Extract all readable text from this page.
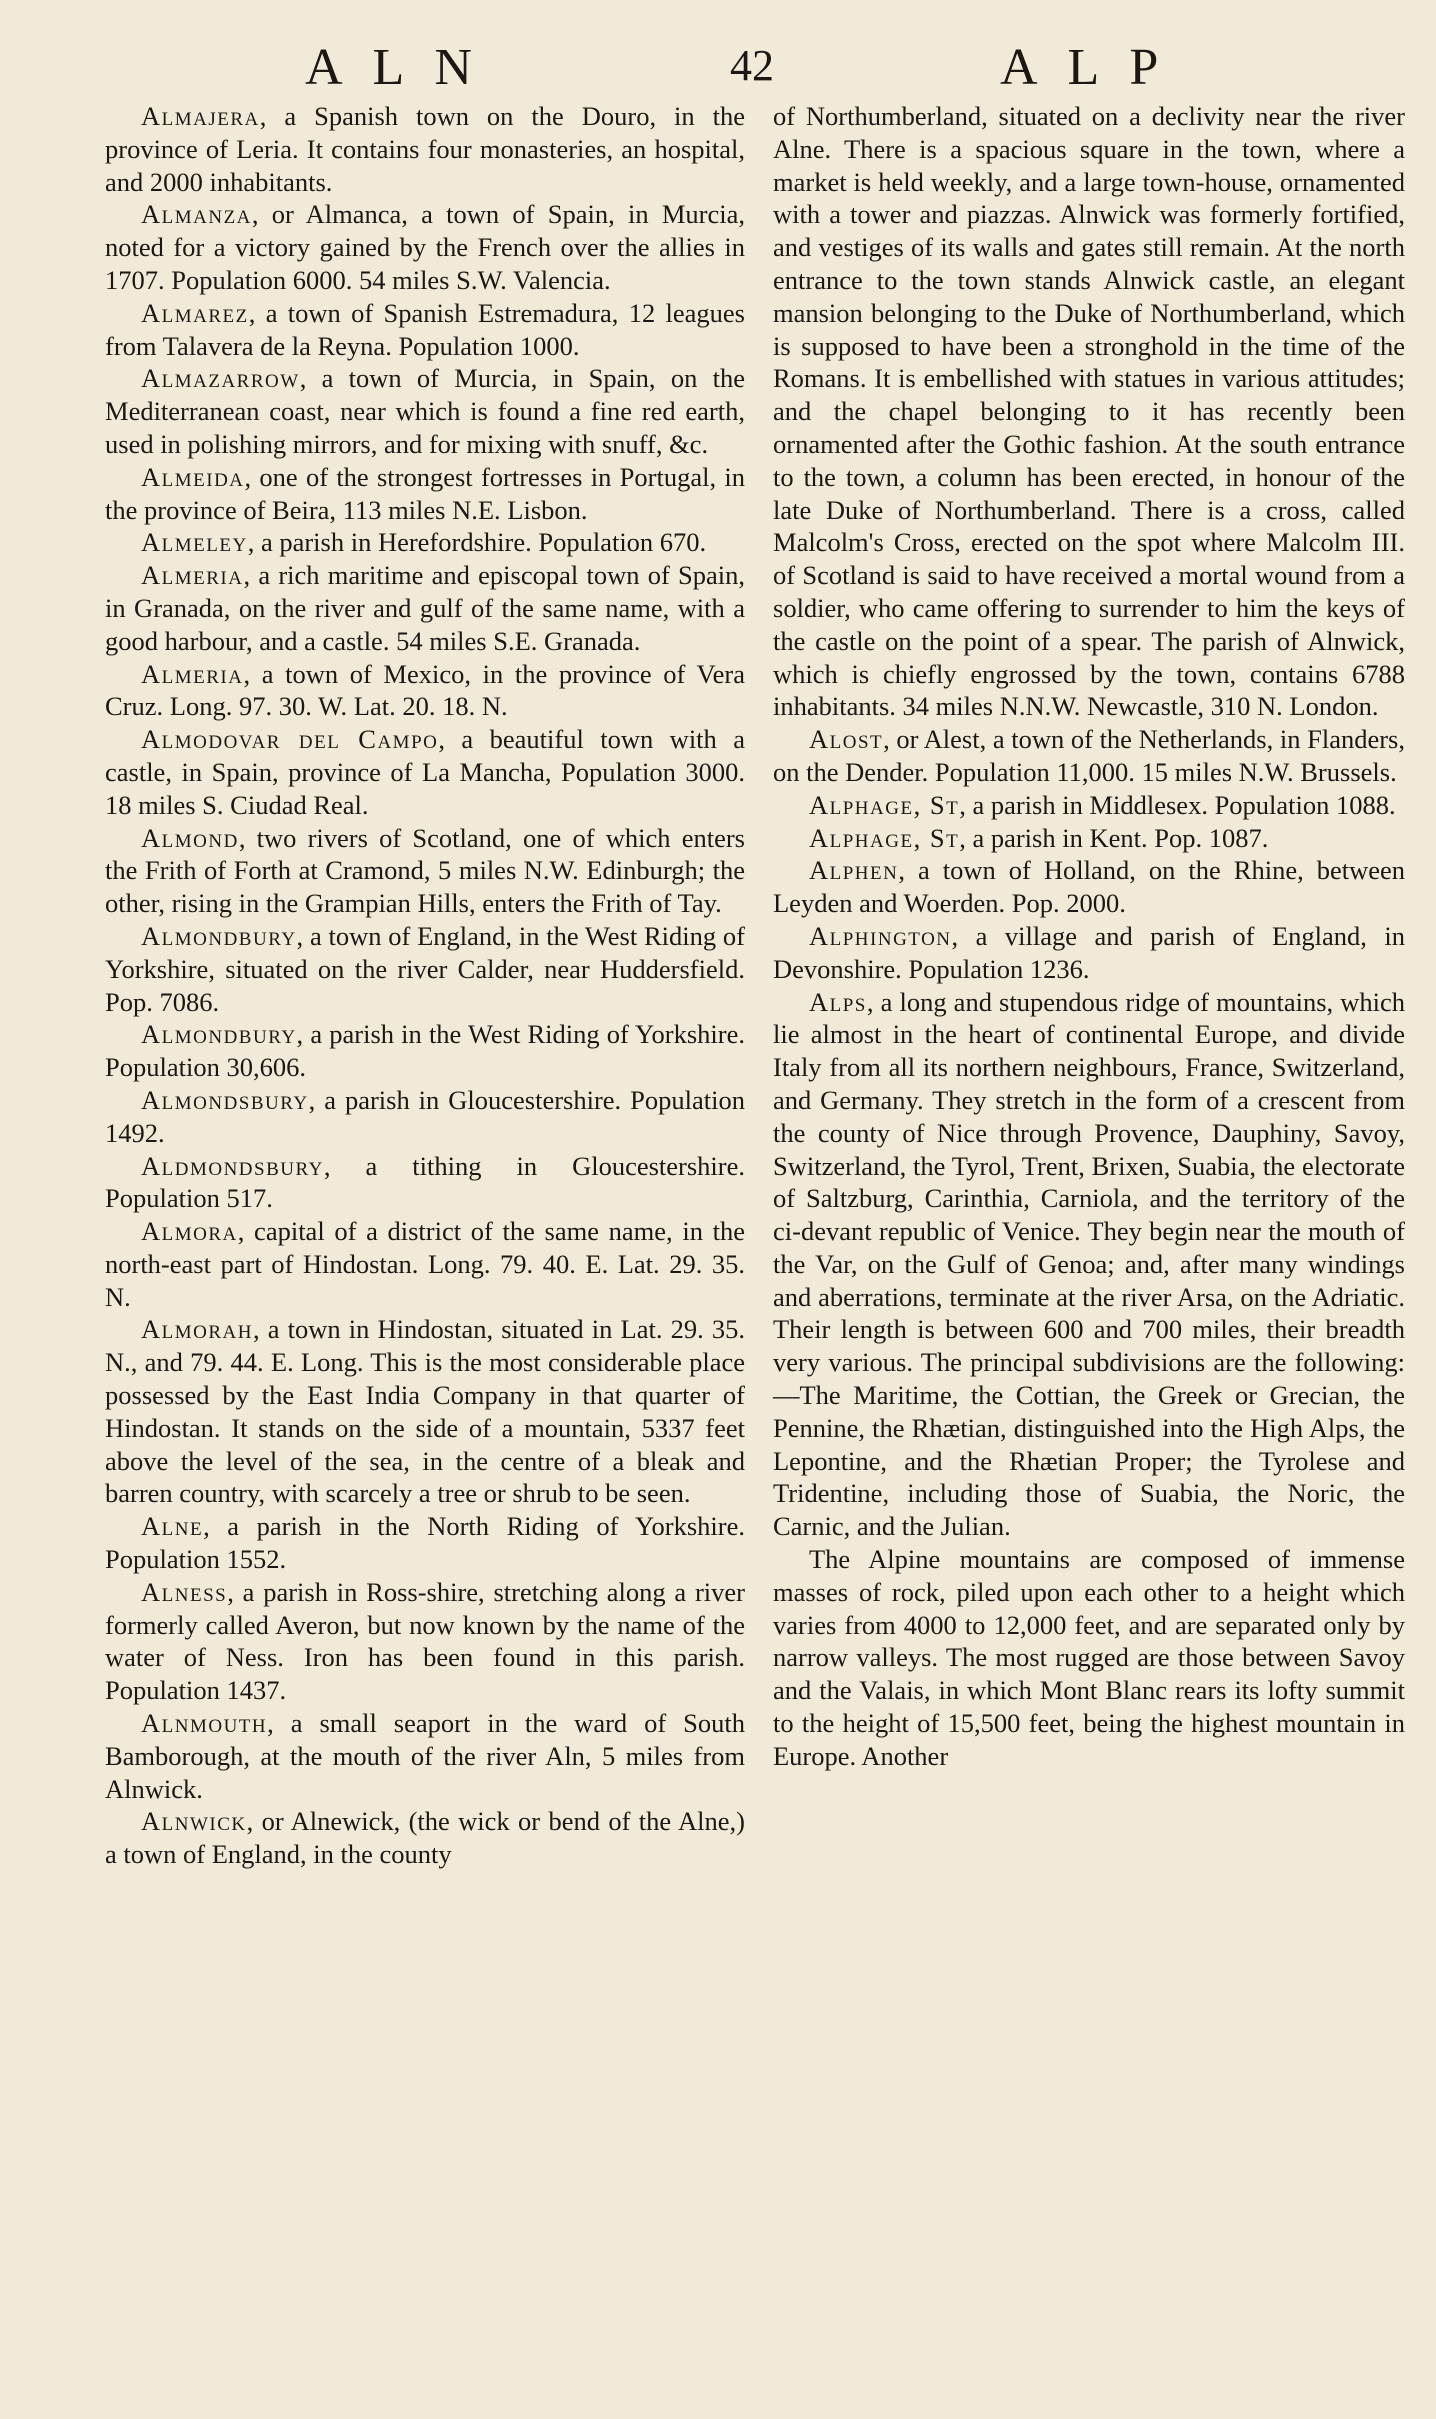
ALN	42	ALP

Almajera, a Spanish town on the Douro, in the province of Leria. It contains four monasteries, an hospital, and 2000 inhabitants.

Almanza, or Almanca, a town of Spain, in Murcia, noted for a victory gained by the French over the allies in 1707. Population 6000. 54 miles S.W. Valencia.

Almarez, a town of Spanish Estremadura, 12 leagues from Talavera de la Reyna. Population 1000.

Almazarrow, a town of Murcia, in Spain, on the Mediterranean coast, near which is found a fine red earth, used in polishing mirrors, and for mixing with snuff, &c.

Almeida, one of the strongest fortresses in Portugal, in the province of Beira, 113 miles N.E. Lisbon.

Almeley, a parish in Herefordshire. Population 670.

Almeria, a rich maritime and episcopal town of Spain, in Granada, on the river and gulf of the same name, with a good harbour, and a castle. 54 miles S.E. Granada.

Almeria, a town of Mexico, in the province of Vera Cruz. Long. 97. 30. W. Lat. 20. 18. N.

Almodovar del Campo, a beautiful town with a castle, in Spain, province of La Mancha, Population 3000. 18 miles S. Ciudad Real.

Almond, two rivers of Scotland, one of which enters the Frith of Forth at Cramond, 5 miles N.W. Edinburgh; the other, rising in the Grampian Hills, enters the Frith of Tay.

Almondbury, a town of England, in the West Riding of Yorkshire, situated on the river Calder, near Huddersfield. Pop. 7086.

Almondbury, a parish in the West Riding of Yorkshire. Population 30,606.

Almondsbury, a parish in Gloucestershire. Population 1492.

Aldmondsbury, a tithing in Gloucestershire. Population 517.

Almora, capital of a district of the same name, in the north-east part of Hindostan. Long. 79. 40. E. Lat. 29. 35. N.

Almorah, a town in Hindostan, situated in Lat. 29. 35. N., and 79. 44. E. Long. This is the most considerable place possessed by the East India Company in that quarter of Hindostan. It stands on the side of a mountain, 5337 feet above the level of the sea, in the centre of a bleak and barren country, with scarcely a tree or shrub to be seen.

Alne, a parish in the North Riding of Yorkshire. Population 1552.

Alness, a parish in Ross-shire, stretching along a river formerly called Averon, but now known by the name of the water of Ness. Iron has been found in this parish. Population 1437.

Alnmouth, a small seaport in the ward of South Bamborough, at the mouth of the river Aln, 5 miles from Alnwick.

Alnwick, or Alnewick, (the wick or bend of the Alne,) a town of England, in the county

of Northumberland, situated on a declivity near the river Alne. There is a spacious square in the town, where a market is held weekly, and a large town-house, ornamented with a tower and piazzas. Alnwick was formerly fortified, and vestiges of its walls and gates still remain. At the north entrance to the town stands Alnwick castle, an elegant mansion belonging to the Duke of Northumberland, which is supposed to have been a stronghold in the time of the Romans. It is embellished with statues in various attitudes; and the chapel belonging to it has recently been ornamented after the Gothic fashion. At the south entrance to the town, a column has been erected, in honour of the late Duke of Northumberland. There is a cross, called Malcolm's Cross, erected on the spot where Malcolm III. of Scotland is said to have received a mortal wound from a soldier, who came offering to surrender to him the keys of the castle on the point of a spear. The parish of Alnwick, which is chiefly engrossed by the town, contains 6788 inhabitants. 34 miles N.N.W. Newcastle, 310 N. London.

Alost, or Alest, a town of the Netherlands, in Flanders, on the Dender. Population 11,000. 15 miles N.W. Brussels.

Alphage, St, a parish in Middlesex. Population 1088.

Alphage, St, a parish in Kent. Pop. 1087.

Alphen, a town of Holland, on the Rhine, between Leyden and Woerden. Pop. 2000.

Alphington, a village and parish of England, in Devonshire. Population 1236.

Alps, a long and stupendous ridge of mountains, which lie almost in the heart of continental Europe, and divide Italy from all its northern neighbours, France, Switzerland, and Germany. They stretch in the form of a crescent from the county of Nice through Provence, Dauphiny, Savoy, Switzerland, the Tyrol, Trent, Brixen, Suabia, the electorate of Saltzburg, Carinthia, Carniola, and the territory of the ci-devant republic of Venice. They begin near the mouth of the Var, on the Gulf of Genoa; and, after many windings and aberrations, terminate at the river Arsa, on the Adriatic. Their length is between 600 and 700 miles, their breadth very various. The principal subdivisions are the following:—The Maritime, the Cottian, the Greek or Grecian, the Pennine, the Rhætian, distinguished into the High Alps, the Lepontine, and the Rhætian Proper; the Tyrolese and Tridentine, including those of Suabia, the Noric, the Carnic, and the Julian.

The Alpine mountains are composed of immense masses of rock, piled upon each other to a height which varies from 4000 to 12,000 feet, and are separated only by narrow valleys. The most rugged are those between Savoy and the Valais, in which Mont Blanc rears its lofty summit to the height of 15,500 feet, being the highest mountain in Europe. Another
